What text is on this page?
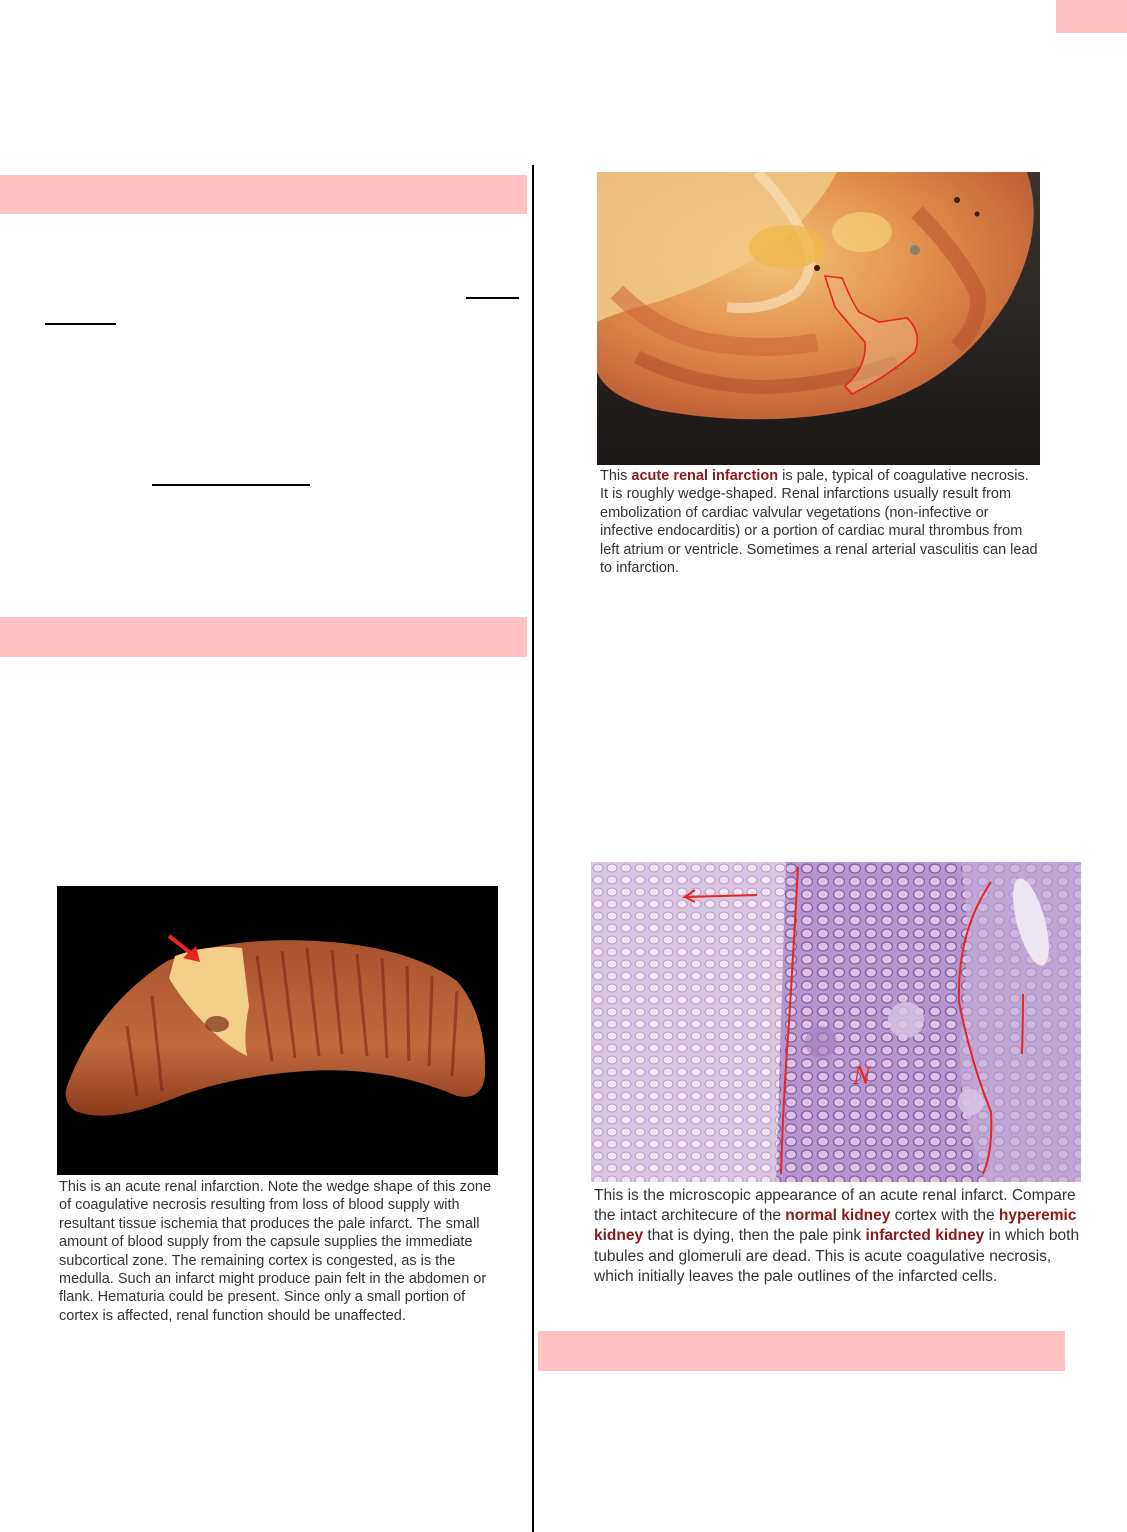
This acute renal infarction is pale, typical of coagulative necrosis. It is roughly wedge-shaped. Renal infarctions usually result from embolization of cardiac valvular vegetations (non-infective or infective endocarditis) or a portion of cardiac mural thrombus from left atrium or ventricle. Sometimes a renal arterial vasculitis can lead to infarction.

This is an acute renal infarction. Note the wedge shape of this zone of coagulative necrosis resulting from loss of blood supply with resultant tissue ischemia that produces the pale infarct. The small amount of blood supply from the capsule supplies the immediate subcortical zone. The remaining cortex is congested, as is the medulla. Such an infarct might produce pain felt in the abdomen or flank. Hematuria could be present. Since only a small portion of cortex is affected, renal function should be unaffected.

N

This is the microscopic appearance of an acute renal infarct. Compare the intact architecure of the normal kidney cortex with the hyperemic kidney that is dying, then the pale pink infarcted kidney in which both tubules and glomeruli are dead. This is acute coagulative necrosis, which initially leaves the pale outlines of the infarcted cells.
